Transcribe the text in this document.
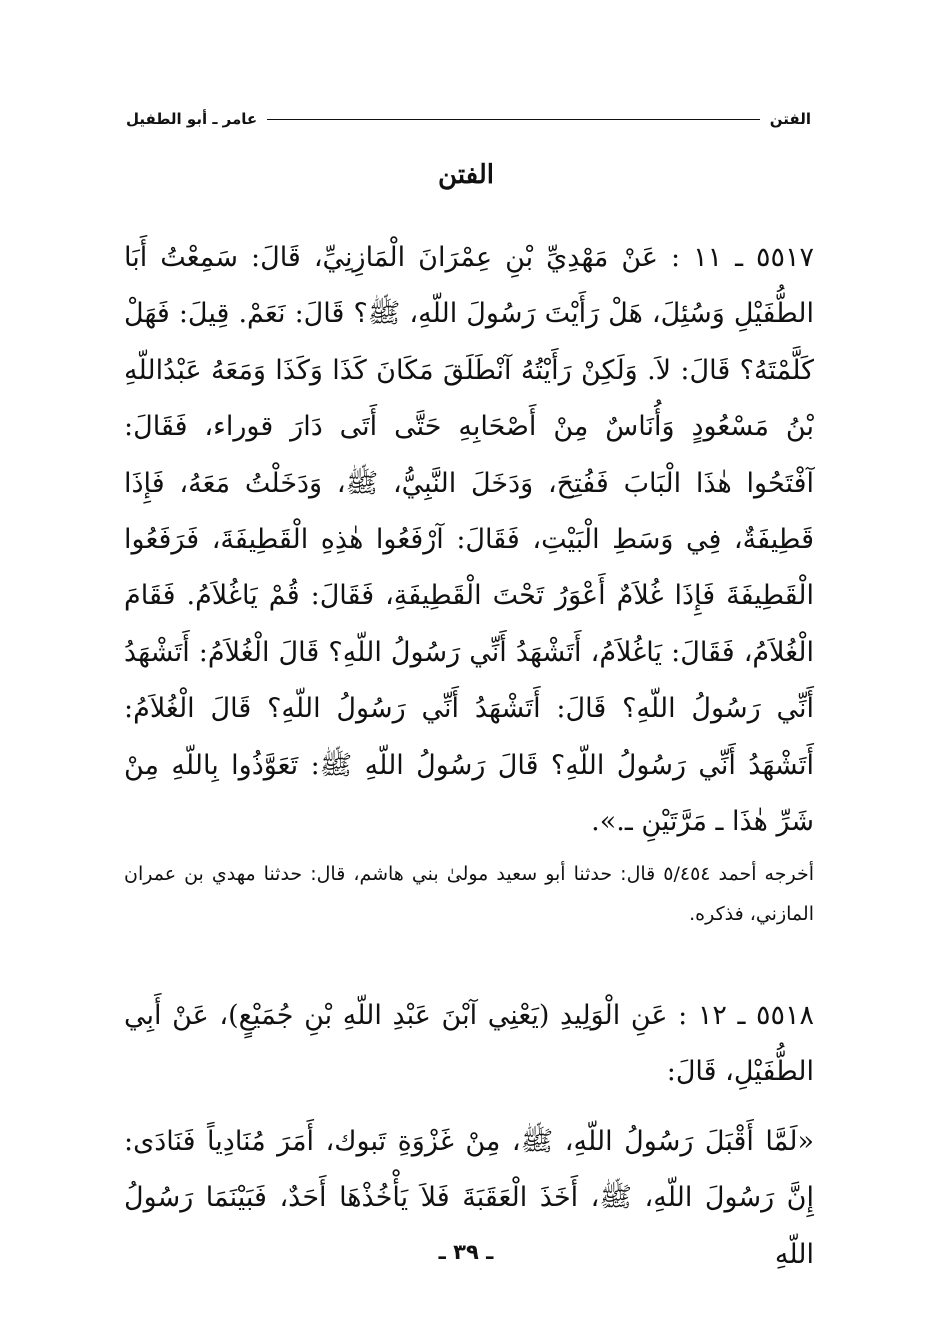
الفتن
عامر ـ أبو الطفيل
الفتن
٥٥١٧ ـ ١١ : عَنْ مَهْدِيِّ بْنِ عِمْرَانَ الْمَازِنِيِّ، قَالَ: سَمِعْتُ أَبَا الطُّفَيْلِ وَسُئِلَ، هَلْ رَأَيْتَ رَسُولَ اللّهِ، ﷺ؟ قَالَ: نَعَمْ. قِيلَ: فَهَلْ كَلَّمْتَهُ؟ قَالَ: لاَ. وَلَكِنْ رَأَيْتُهُ آنْطَلَقَ مَكَانَ كَذَا وَكَذَا وَمَعَهُ عَبْدُاللّهِ بْنُ مَسْعُودٍ وَأُنَاسٌ مِنْ أَصْحَابِهِ حَتَّى أَتَى دَارَ قوراء، فَقَالَ: آفْتَحُوا هٰذَا الْبَابَ فَفُتِحَ، وَدَخَلَ النَّبِيُّ، ﷺ، وَدَخَلْتُ مَعَهُ، فَإِذَا قَطِيفَةٌ، فِي وَسَطِ الْبَيْتِ، فَقَالَ: آرْفَعُوا هٰذِهِ الْقَطِيفَةَ، فَرَفَعُوا الْقَطِيفَةَ فَإِذَا غُلاَمٌ أَعْوَرُ تَحْتَ الْقَطِيفَةِ، فَقَالَ: قُمْ يَاغُلاَمُ. فَقَامَ الْغُلاَمُ، فَقَالَ: يَاغُلاَمُ، أَتَشْهَدُ أَنِّي رَسُولُ اللّهِ؟ قَالَ الْغُلاَمُ: أَتَشْهَدُ أَنِّي رَسُولُ اللّهِ؟ قَالَ: أَتَشْهَدُ أَنِّي رَسُولُ اللّهِ؟ قَالَ الْغُلاَمُ: أَتَشْهَدُ أَنِّي رَسُولُ اللّهِ؟ قَالَ رَسُولُ اللّهِ ﷺ: تَعَوَّذُوا بِاللّهِ مِنْ شَرِّ هٰذَا ـ مَرَّتَيْنِ ـ.».
أخرجه أحمد ٥/٤٥٤ قال: حدثنا أبو سعيد مولىٰ بني هاشم، قال: حدثنا مهدي بن عمران المازني، فذكره.
٥٥١٨ ـ ١٢ : عَنِ الْوَلِيدِ (يَعْنِي آبْنَ عَبْدِ اللّهِ بْنِ جُمَيْعٍ)، عَنْ أَبِي الطُّفَيْلِ، قَالَ:
«لَمَّا أَقْبَلَ رَسُولُ اللّهِ، ﷺ، مِنْ غَزْوَةِ تَبوك، أَمَرَ مُنَادِياً فَنَادَى: إِنَّ رَسُولَ اللّهِ، ﷺ، أَخَذَ الْعَقَبَةَ فَلاَ يَأْخُذْهَا أَحَدٌ، فَبَيْنَمَا رَسُولُ اللّهِ
ـ ٣٩ ـ
